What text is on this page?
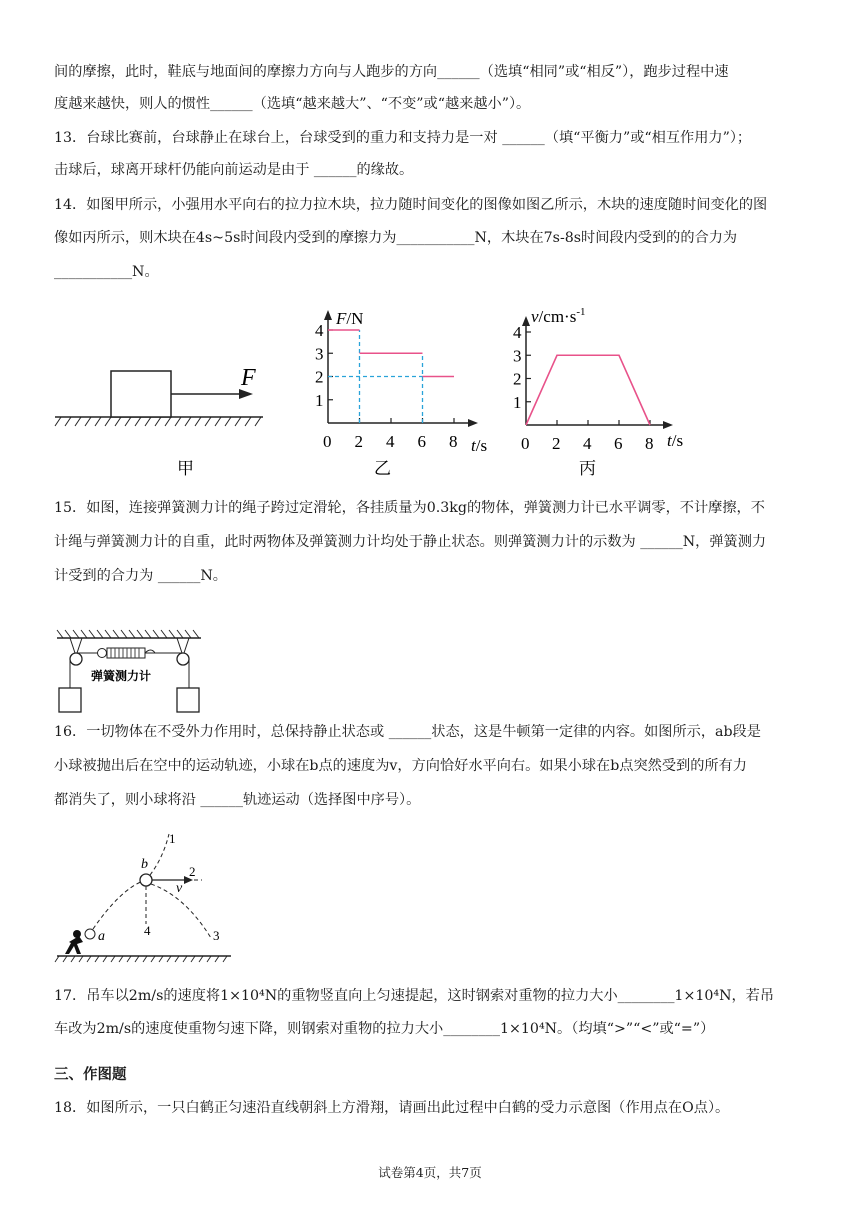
间的摩擦，此时，鞋底与地面间的摩擦力方向与人跑步的方向______（选填“相同”或“相反”），跑步过程中速
度越来越快，则人的惯性______（选填“越来越大”、“不变”或“越来越小”）。
13．台球比赛前，台球静止在球台上，台球受到的重力和支持力是一对 ______（填“平衡力”或“相互作用力”）；
击球后，球离开球杆仍能向前运动是由于 ______的缘故。
14．如图甲所示，小强用水平向右的拉力拉木块，拉力随时间变化的图像如图乙所示，木块的速度随时间变化的图
像如丙所示，则木块在4s~5s时间段内受到的摩擦力为___________N，木块在7s-8s时间段内受到的的合力为
___________N。
F
甲
F/N
t/s
1
2
3
4
0 2 4 6 8
乙
$v/cm\cdot s^{-1}$
t/s
1
2
3
4
0 2 4 6 8
丙
15．如图，连接弹簧测力计的绳子跨过定滑轮，各挂质量为0.3kg的物体，弹簧测力计已水平调零，不计摩擦，不
计绳与弹簧测力计的自重，此时两物体及弹簧测力计均处于静止状态。则弹簧测力计的示数为 ______N，弹簧测力
计受到的合力为 ______N。
弹簧测力计
16．一切物体在不受外力作用时，总保持静止状态或 ______状态，这是牛顿第一定律的内容。如图所示，ab段是
小球被抛出后在空中的运动轨迹，小球在b点的速度为v，方向恰好水平向右。如果小球在b点突然受到的所有力
都消失了，则小球将沿 ______轨迹运动（选择图中序号）。
a
b
v
1
2
3
4
17．吊车以2m/s的速度将1×10⁴N的重物竖直向上匀速提起，这时钢索对重物的拉力大小________1×10⁴N，若吊
车改为2m/s的速度使重物匀速下降，则钢索对重物的拉力大小________1×10⁴N。（均填“>”“<”或“=”）
三、作图题
18．如图所示，一只白鹤正匀速沿直线朝斜上方滑翔，请画出此过程中白鹤的受力示意图（作用点在O点）。
试卷第4页，共7页
